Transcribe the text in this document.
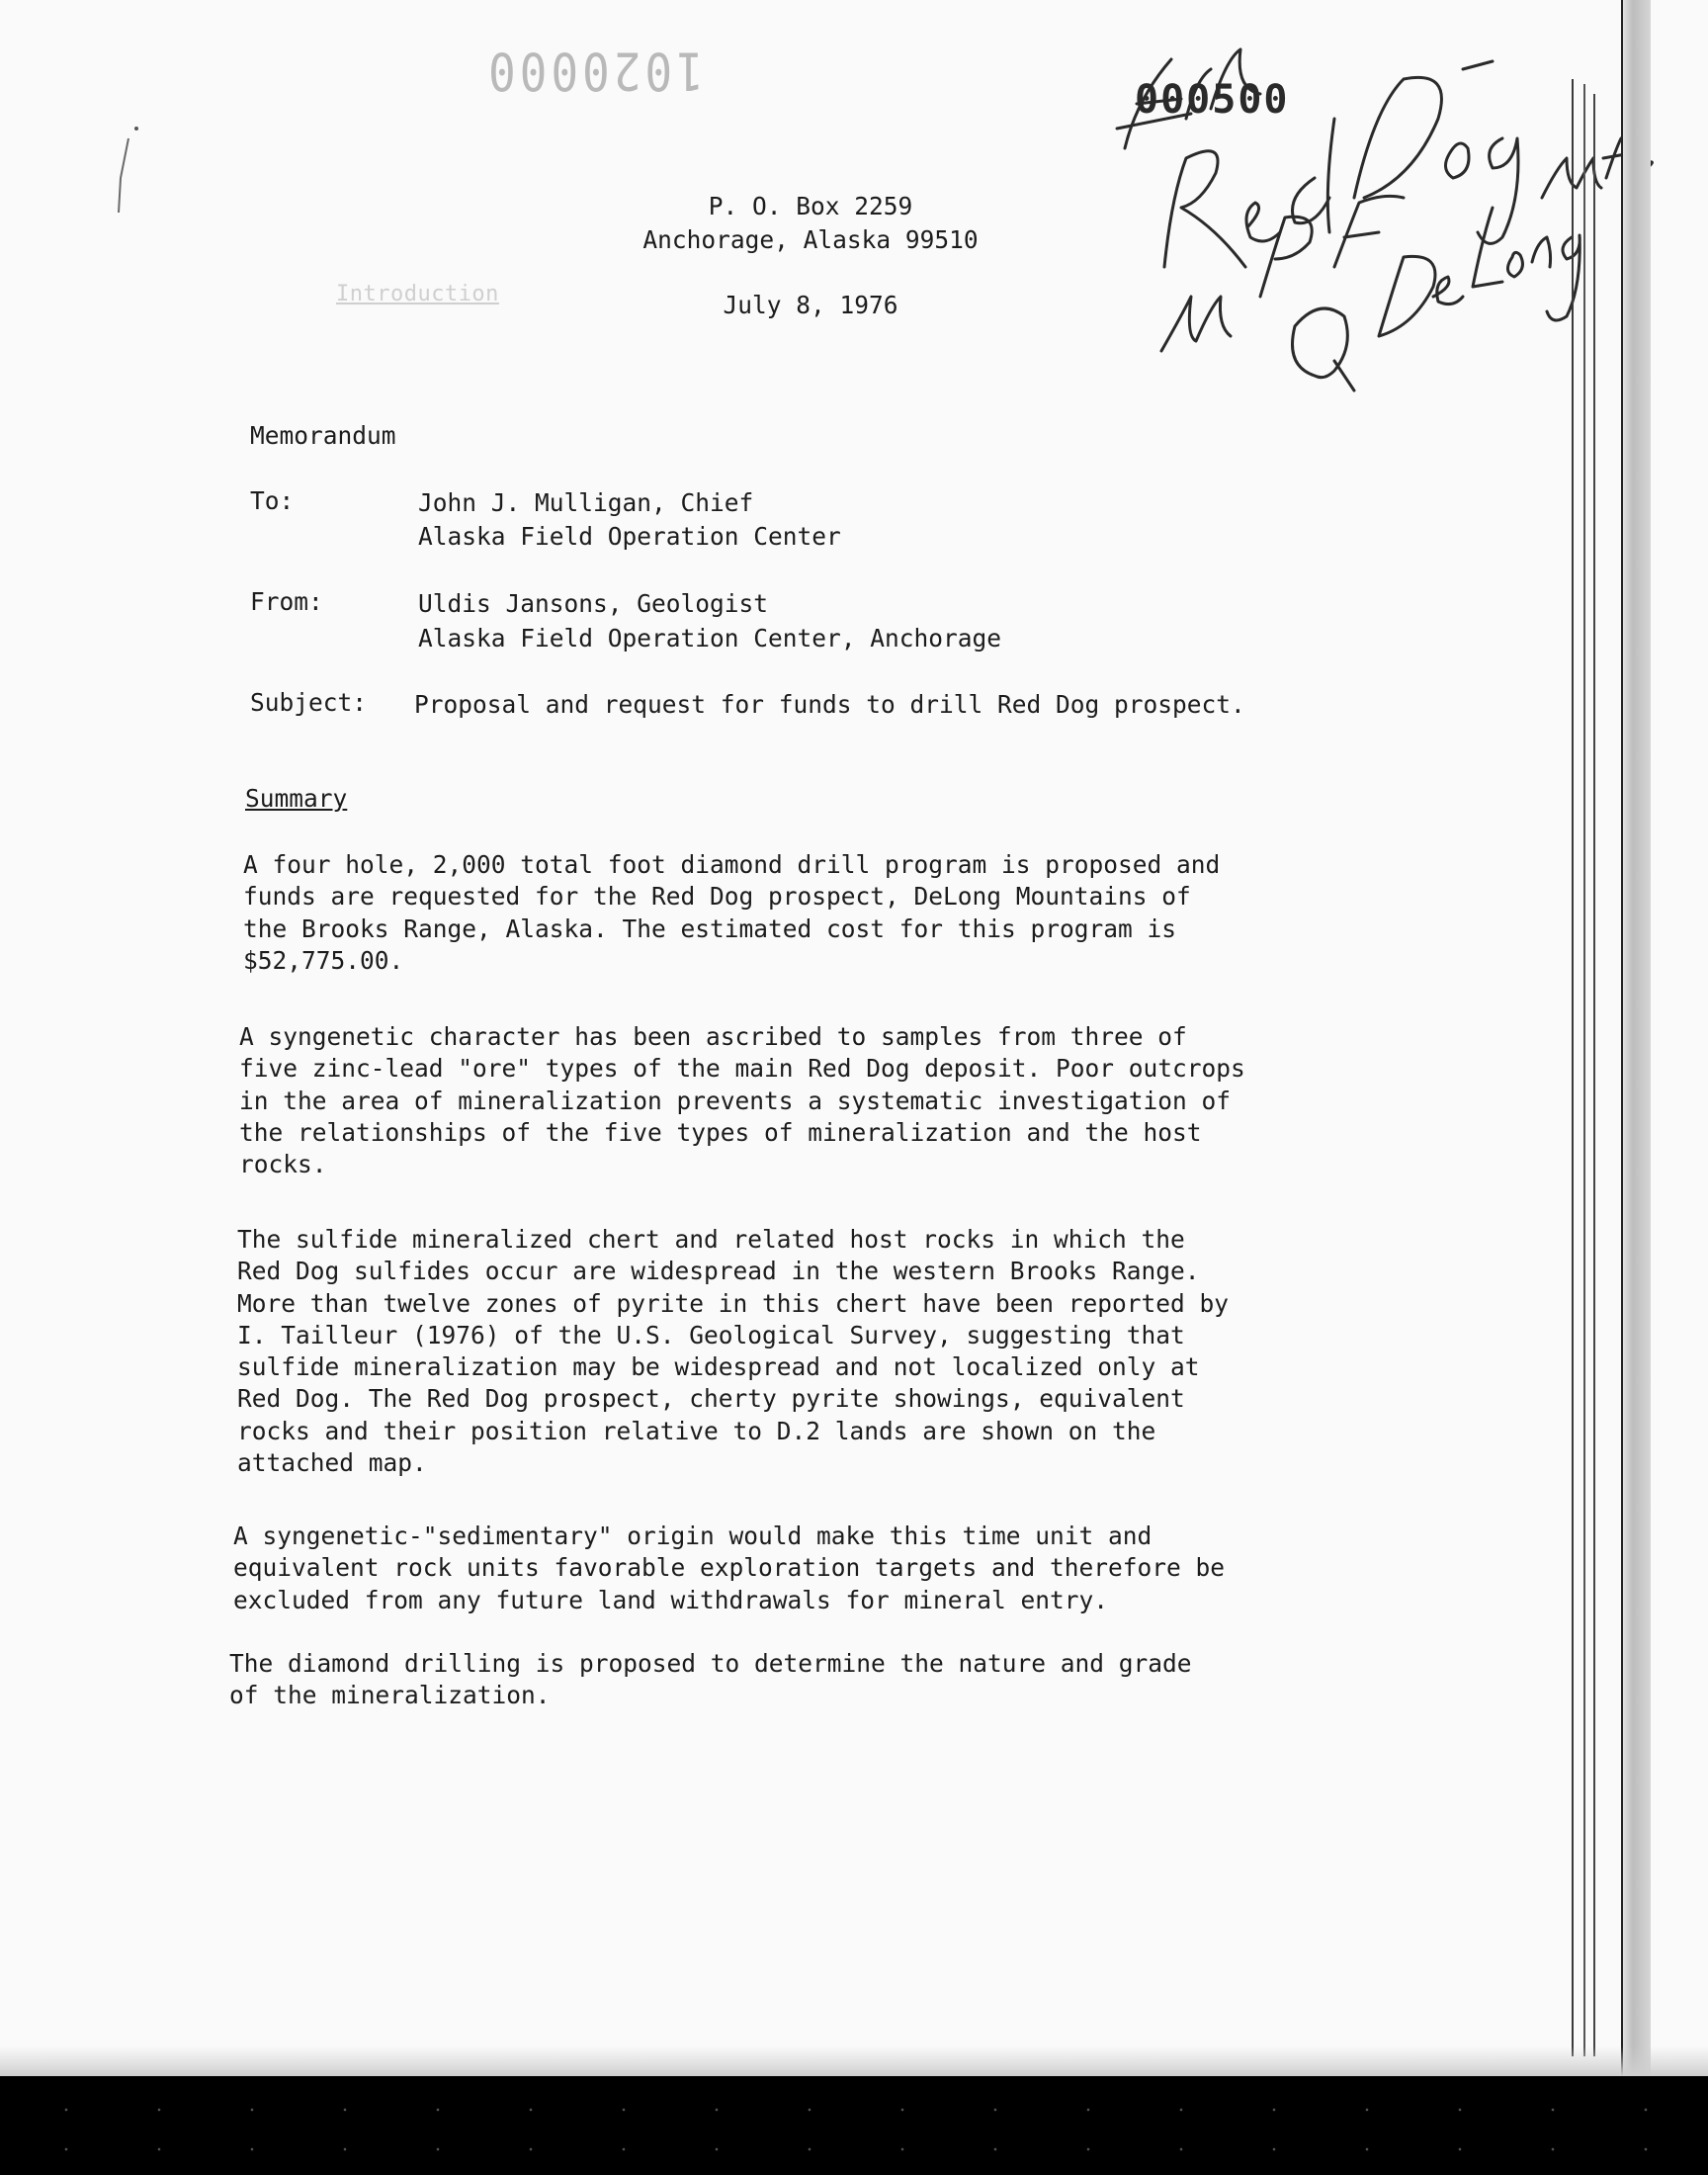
Introduction

1020000	000500
P. O. Box 2259
Anchorage, Alaska 99510
July 8, 1976
Memorandum
To:	John J. Mulligan, Chief
Alaska Field Operation Center
From:	Uldis Jansons, Geologist
Alaska Field Operation Center, Anchorage
Subject: Proposal and request for funds to drill Red Dog prospect.
Summary
A four hole, 2,000 total foot diamond drill program is proposed and
funds are requested for the Red Dog prospect, DeLong Mountains of
the Brooks Range, Alaska. The estimated cost for this program is
$52,775.00.
A syngenetic character has been ascribed to samples from three of
five zinc-lead "ore" types of the main Red Dog deposit. Poor outcrops
in the area of mineralization prevents a systematic investigation of
the relationships of the five types of mineralization and the host
rocks.
The sulfide mineralized chert and related host rocks in which the
Red Dog sulfides occur are widespread in the western Brooks Range.
More than twelve zones of pyrite in this chert have been reported by
I. Tailleur (1976) of the U.S. Geological Survey, suggesting that
sulfide mineralization may be widespread and not localized only at
Red Dog. The Red Dog prospect, cherty pyrite showings, equivalent
rocks and their position relative to D.2 lands are shown on the
attached map.
A syngenetic-"sedimentary" origin would make this time unit and
equivalent rock units favorable exploration targets and therefore be
excluded from any future land withdrawals for mineral entry.
The diamond drilling is proposed to determine the nature and grade
of the mineralization.
